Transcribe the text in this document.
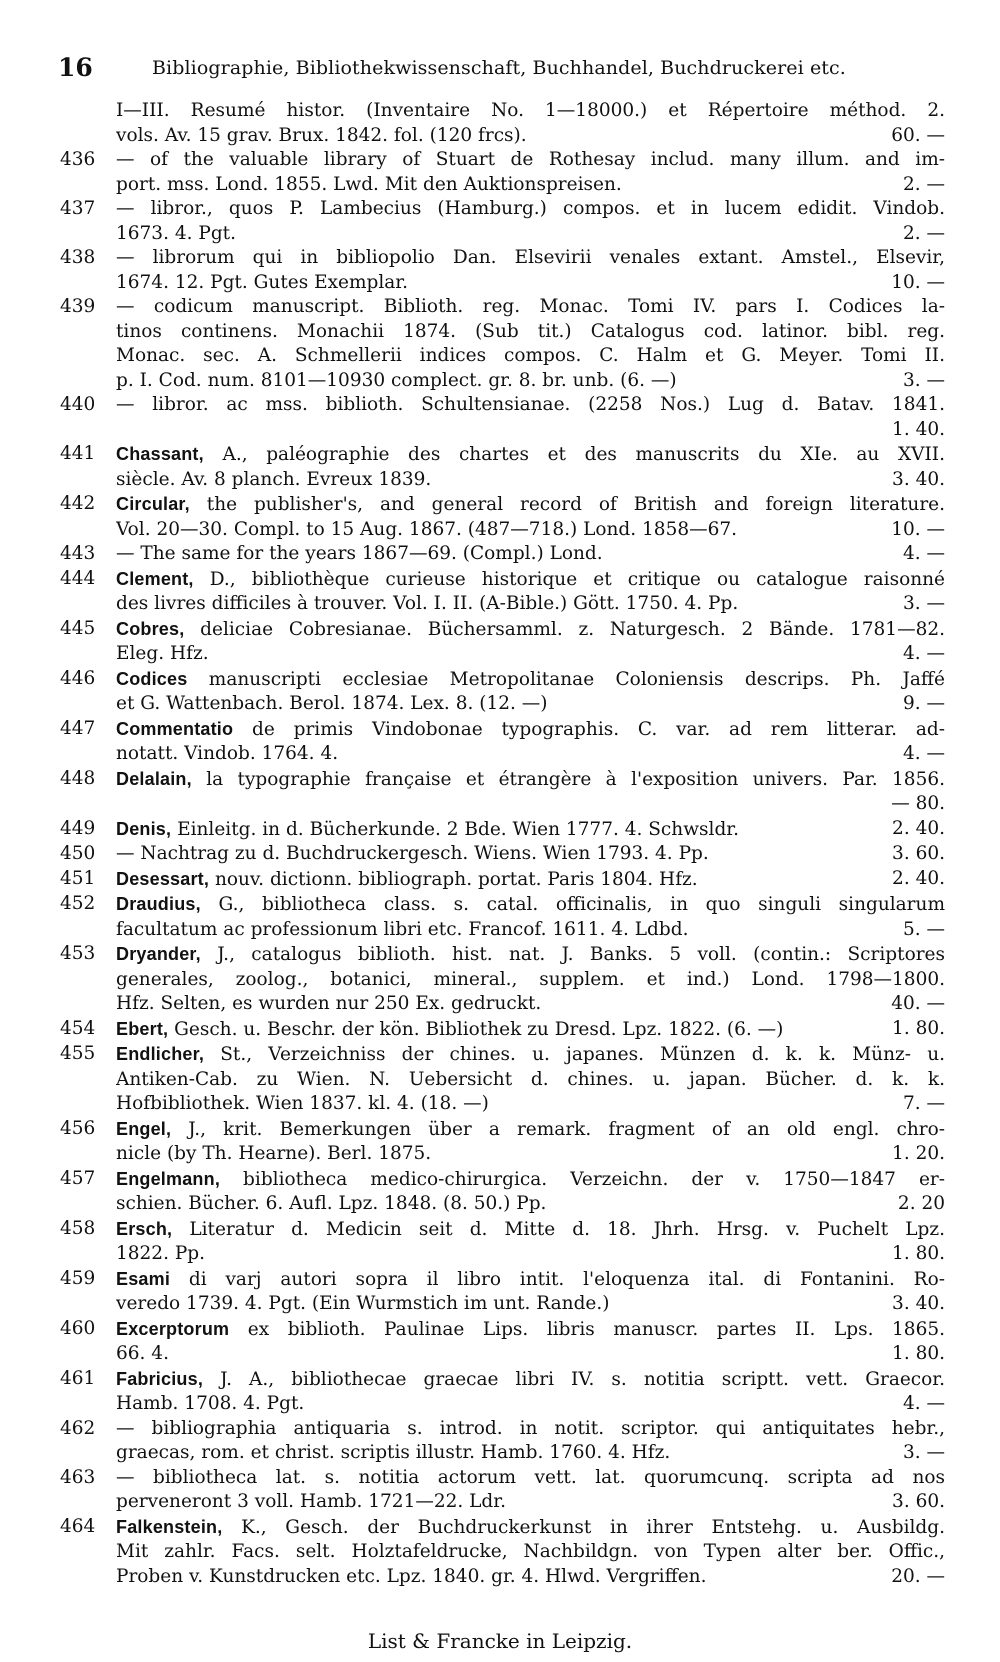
16	Bibliographie, Bibliothekwissenschaft, Buchhandel, Buchdruckerei etc.
I—III. Resumé histor. (Inventaire No. 1—18000.) et Répertoire méthod. 2.
vols. Av. 15 grav. Brux. 1842. fol. (120 frcs).	60. —
436	— of the valuable library of Stuart de Rothesay includ. many illum. and im-
port. mss. Lond. 1855. Lwd. Mit den Auktionspreisen.	2. —
437	— libror., quos P. Lambecius (Hamburg.) compos. et in lucem edidit. Vindob.
1673. 4. Pgt.	2. —
438	— librorum qui in bibliopolio Dan. Elsevirii venales extant. Amstel., Elsevir,
1674. 12. Pgt. Gutes Exemplar.	10. —
439	— codicum manuscript. Biblioth. reg. Monac. Tomi IV. pars I. Codices la-
tinos continens. Monachii 1874. (Sub tit.) Catalogus cod. latinor. bibl. reg.
Monac. sec. A. Schmellerii indices compos. C. Halm et G. Meyer. Tomi II.
p. I. Cod. num. 8101—10930 complect. gr. 8. br. unb. (6. —)	3. —
440	— libror. ac mss. biblioth. Schultensianae. (2258 Nos.) Lug d. Batav. 1841.
1. 40.
441	Chassant, A., paléographie des chartes et des manuscrits du XIe. au XVII.
siècle. Av. 8 planch. Evreux 1839.	3. 40.
442	Circular, the publisher's, and general record of British and foreign literature.
Vol. 20—30. Compl. to 15 Aug. 1867. (487—718.) Lond. 1858—67.	10. —
443	— The same for the years 1867—69. (Compl.) Lond.	4. —
444	Clement, D., bibliothèque curieuse historique et critique ou catalogue raisonné
des livres difficiles à trouver. Vol. I. II. (A-Bible.) Gött. 1750. 4. Pp.	3. —
445	Cobres, deliciae Cobresianae. Büchersamml. z. Naturgesch. 2 Bände. 1781—82.
Eleg. Hfz.	4. —
446	Codices manuscripti ecclesiae Metropolitanae Coloniensis descrips. Ph. Jaffé
et G. Wattenbach. Berol. 1874. Lex. 8. (12. —)	9. —
447	Commentatio de primis Vindobonae typographis. C. var. ad rem litterar. ad-
notatt. Vindob. 1764. 4.	4. —
448	Delalain, la typographie française et étrangère à l'exposition univers. Par. 1856.
— 80.
449	Denis, Einleitg. in d. Bücherkunde. 2 Bde. Wien 1777. 4. Schwsldr.	2. 40.
450	— Nachtrag zu d. Buchdruckergesch. Wiens. Wien 1793. 4. Pp.	3. 60.
451	Desessart, nouv. dictionn. bibliograph. portat. Paris 1804. Hfz.	2. 40.
452	Draudius, G., bibliotheca class. s. catal. officinalis, in quo singuli singularum
facultatum ac professionum libri etc. Francof. 1611. 4. Ldbd.	5. —
453	Dryander, J., catalogus biblioth. hist. nat. J. Banks. 5 voll. (contin.: Scriptores
generales, zoolog., botanici, mineral., supplem. et ind.) Lond. 1798—1800.
Hfz. Selten, es wurden nur 250 Ex. gedruckt.	40. —
454	Ebert, Gesch. u. Beschr. der kön. Bibliothek zu Dresd. Lpz. 1822. (6. —)	1. 80.
455	Endlicher, St., Verzeichniss der chines. u. japanes. Münzen d. k. k. Münz- u.
Antiken-Cab. zu Wien. N. Uebersicht d. chines. u. japan. Bücher. d. k. k.
Hofbibliothek. Wien 1837. kl. 4. (18. —)	7. —
456	Engel, J., krit. Bemerkungen über a remark. fragment of an old engl. chro-
nicle (by Th. Hearne). Berl. 1875.	1. 20.
457	Engelmann, bibliotheca medico-chirurgica. Verzeichn. der v. 1750—1847 er-
schien. Bücher. 6. Aufl. Lpz. 1848. (8. 50.) Pp.	2. 20
458	Ersch, Literatur d. Medicin seit d. Mitte d. 18. Jhrh. Hrsg. v. Puchelt Lpz.
1822. Pp.	1. 80.
459	Esami di varj autori sopra il libro intit. l'eloquenza ital. di Fontanini. Ro-
veredo 1739. 4. Pgt. (Ein Wurmstich im unt. Rande.)	3. 40.
460	Excerptorum ex biblioth. Paulinae Lips. libris manuscr. partes II. Lps. 1865.
66. 4.	1. 80.
461	Fabricius, J. A., bibliothecae graecae libri IV. s. notitia scriptt. vett. Graecor.
Hamb. 1708. 4. Pgt.	4. —
462	— bibliographia antiquaria s. introd. in notit. scriptor. qui antiquitates hebr.,
graecas, rom. et christ. scriptis illustr. Hamb. 1760. 4. Hfz.	3. —
463	— bibliotheca lat. s. notitia actorum vett. lat. quorumcunq. scripta ad nos
perveneront 3 voll. Hamb. 1721—22. Ldr.	3. 60.
464	Falkenstein, K., Gesch. der Buchdruckerkunst in ihrer Entstehg. u. Ausbildg.
Mit zahlr. Facs. selt. Holztafeldrucke, Nachbildgn. von Typen alter ber. Offic.,
Proben v. Kunstdrucken etc. Lpz. 1840. gr. 4. Hlwd. Vergriffen.	20. —
List & Francke in Leipzig.
